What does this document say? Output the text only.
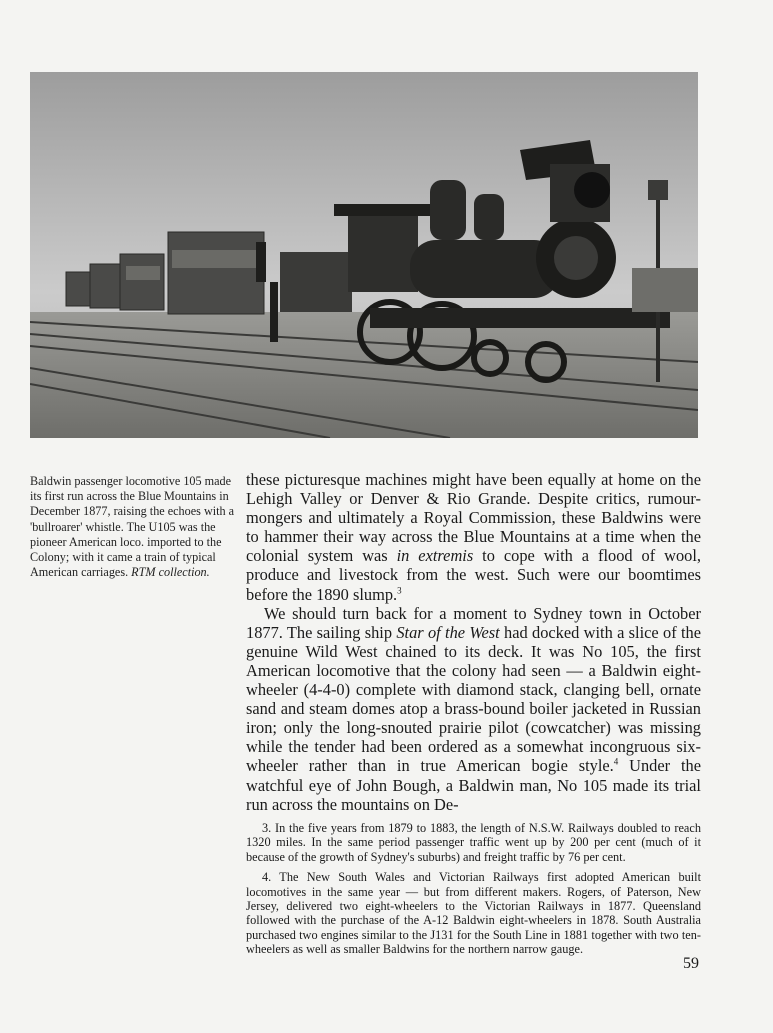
Baldwin passenger locomotive 105 made its first run across the Blue Mountains in December 1877, raising the echoes with a 'bullroarer' whistle. The U105 was the pioneer American loco. imported to the Colony; with it came a train of typical American carriages. RTM collection.

these picturesque machines might have been equally at home on the Lehigh Valley or Denver & Rio Grande. Despite critics, rumour-mongers and ultimately a Royal Commission, these Baldwins were to hammer their way across the Blue Mountains at a time when the colonial system was in extremis to cope with a flood of wool, produce and livestock from the west. Such were our boomtimes before the 1890 slump.$^3$

We should turn back for a moment to Sydney town in October 1877. The sailing ship Star of the West had docked with a slice of the genuine Wild West chained to its deck. It was No 105, the first American locomotive that the colony had seen — a Baldwin eight-wheeler (4-4-0) complete with diamond stack, clanging bell, ornate sand and steam domes atop a brass-bound boiler jacketed in Russian iron; only the long-snouted prairie pilot (cowcatcher) was missing while the tender had been ordered as a somewhat incongruous six-wheeler rather than in true American bogie style.$^4$ Under the watchful eye of John Bough, a Baldwin man, No 105 made its trial run across the mountains on De-

3. In the five years from 1879 to 1883, the length of N.S.W. Railways doubled to reach 1320 miles. In the same period passenger traffic went up by 200 per cent (much of it because of the growth of Sydney's suburbs) and freight traffic by 76 per cent.

4. The New South Wales and Victorian Railways first adopted American built locomotives in the same year — but from different makers. Rogers, of Paterson, New Jersey, delivered two eight-wheelers to the Victorian Railways in 1877. Queensland followed with the purchase of the A-12 Baldwin eight-wheelers in 1878. South Australia purchased two engines similar to the J131 for the South Line in 1881 together with two ten-wheelers as well as smaller Baldwins for the northern narrow gauge.

59
